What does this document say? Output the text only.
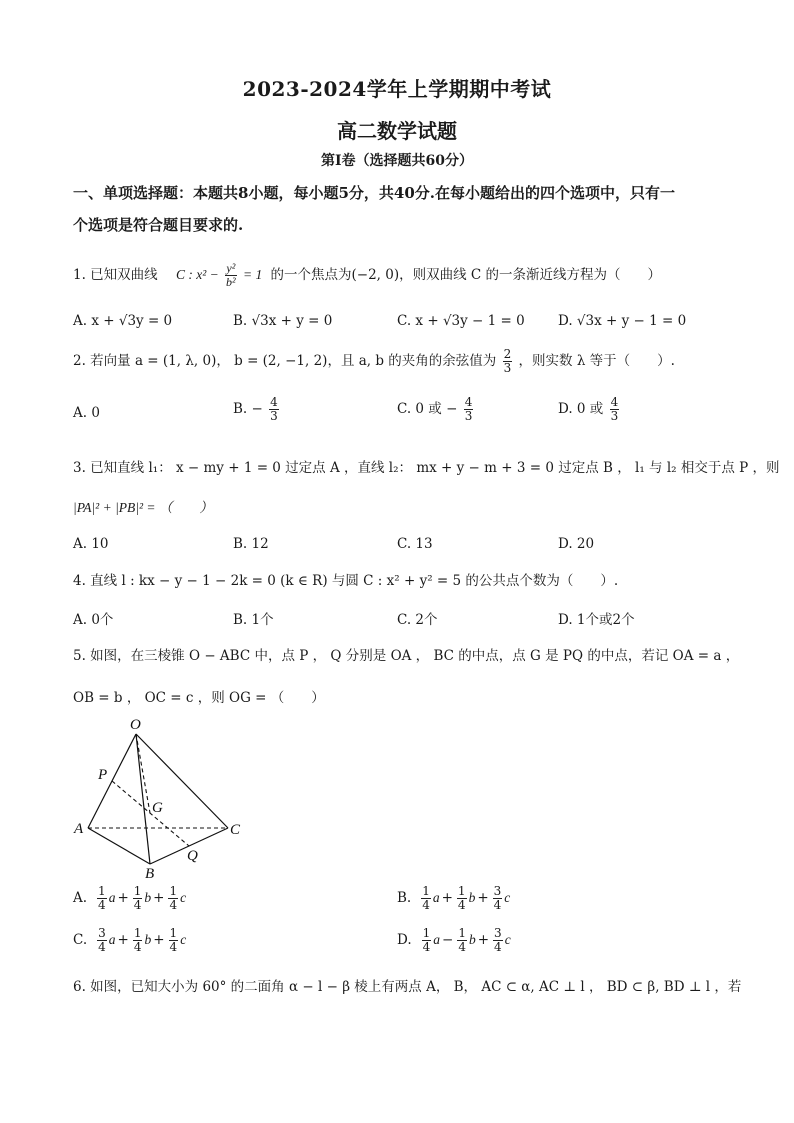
2023-2024学年上学期期中考试
高二数学试题
第Ⅰ卷（选择题共60分）
一、单项选择题：本题共8小题，每小题5分，共40分.在每小题给出的四个选项中，只有一
个选项是符合题目要求的.
1. 已知双曲线 C : $x^2 - \frac{\text{y²}}{\text{b²}} = 1$ 的一个焦点为(−2, 0)，则双曲线 C 的一条渐近线方程为（　　）
A. x + √3y = 0	B. √3x + y = 0	C. x + √3y − 1 = 0 D. √3x + y − 1 = 0
2. 若向量 a = (1, λ, 0)， b = (2, −1, 2)，且 a, b 的夹角的余弦值为 $\frac{2}{3}$ ，则实数 λ 等于（　　）.
A. 0	B. − $\frac{4}{3}$	C. 0 或 − $\frac{4}{3}$	D. 0 或 $\frac{4}{3}$
3. 已知直线 l₁： x − my + 1 = 0 过定点 A ，直线 l₂： mx + y − m + 3 = 0 过定点 B ， l₁ 与 l₂ 相交于点 P ，则
|PA|² + |PB|² = （　　）
A. 10	B. 12	C. 13	D. 20
4. 直线 l : kx − y − 1 − 2k = 0 (k ∈ R) 与圆 C : x² + y² = 5 的公共点个数为（　　）.
A. 0个	B. 1个	C. 2个	D. 1个或2个
5. 如图，在三棱锥 O − ABC 中，点 P ， Q 分别是 OA ， BC 的中点，点 G 是 PQ 的中点，若记 OA = a ，
OB = b ， OC = c ，则 OG = （　　）
O
P
G
A	C
Q
B
A. $\frac{1}{4}$ $a + \frac{1}{4}$ $b + \frac{1}{4}$ c	B. $\frac{1}{4}$ $a + \frac{1}{4}$ $b + \frac{3}{4}$ c
C. $\frac{3}{4}$ $a + \frac{1}{4}$ $b + \frac{1}{4}$ c	D. $\frac{1}{4}$ $a - \frac{1}{4}$ $b + \frac{3}{4}$ c
6. 如图，已知大小为 60° 的二面角 α − l − β 棱上有两点 A， B， AC ⊂ α, AC ⊥ l ， BD ⊂ β, BD ⊥ l ，若
